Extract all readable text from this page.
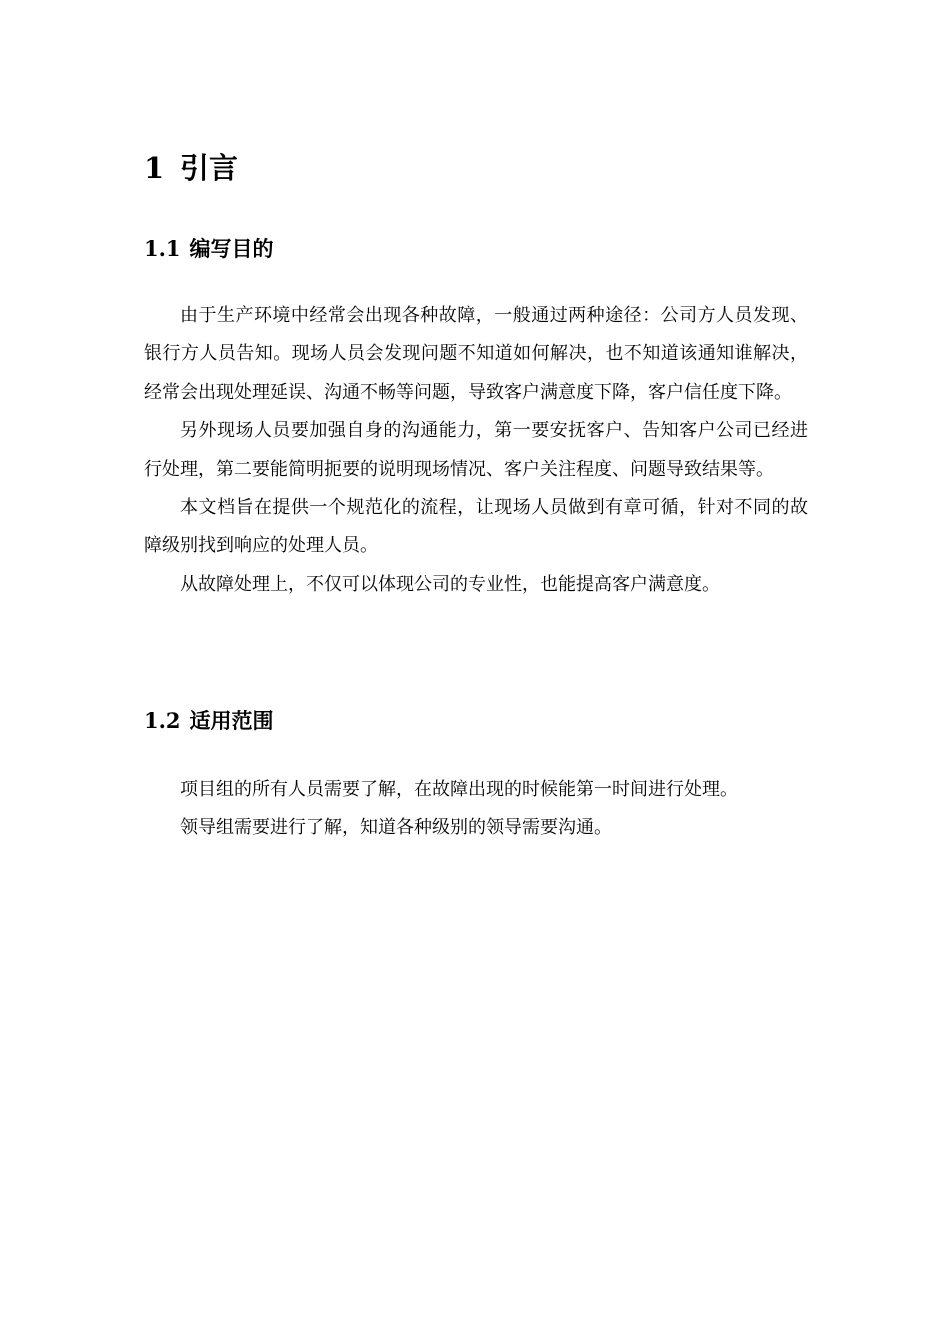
1 引言
1.1 编写目的

由于生产环境中经常会出现各种故障，一般通过两种途径：公司方人员发现、银行方人员告知。现场人员会发现问题不知道如何解决，也不知道该通知谁解决，经常会出现处理延误、沟通不畅等问题，导致客户满意度下降，客户信任度下降。

另外现场人员要加强自身的沟通能力，第一要安抚客户、告知客户公司已经进行处理，第二要能简明扼要的说明现场情况、客户关注程度、问题导致结果等。

本文档旨在提供一个规范化的流程，让现场人员做到有章可循，针对不同的故障级别找到响应的处理人员。

从故障处理上，不仅可以体现公司的专业性，也能提高客户满意度。

1.2 适用范围

项目组的所有人员需要了解，在故障出现的时候能第一时间进行处理。

领导组需要进行了解，知道各种级别的领导需要沟通。
